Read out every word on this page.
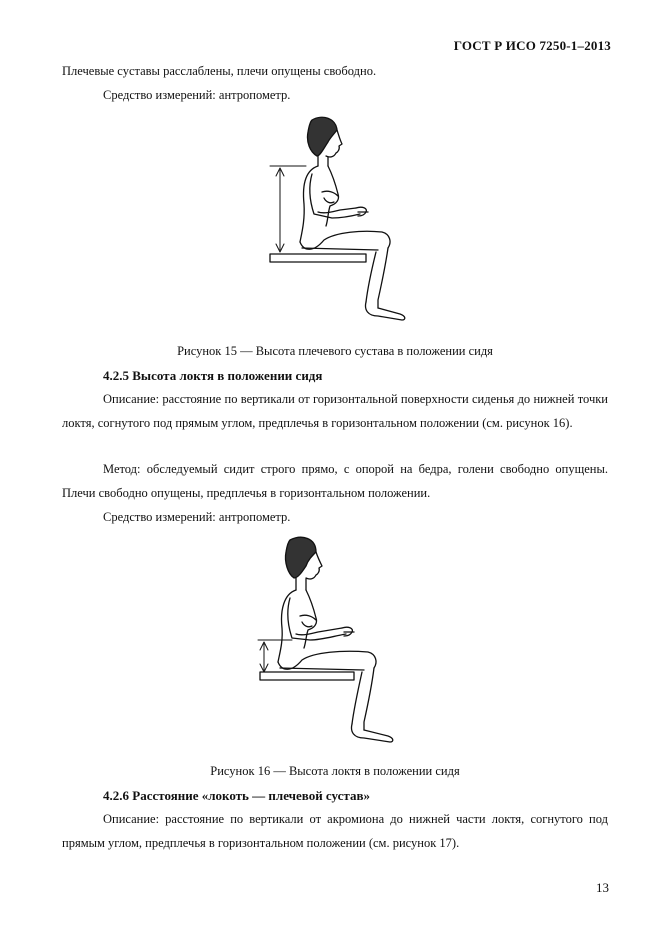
ГОСТ Р ИСО 7250-1–2013
Плечевые суставы расслаблены, плечи опущены свободно.
Средство измерений: антропометр.
Рисунок 15 — Высота плечевого сустава в положении сидя
4.2.5 Высота локтя в положении сидя
Описание: расстояние по вертикали от горизонтальной поверхности сиденья до нижней точки локтя, согнутого под прямым углом, предплечья в горизонтальном положении (см. рисунок 16).
Метод: обследуемый сидит строго прямо, с опорой на бедра, голени свободно опущены. Плечи свободно опущены, предплечья в горизонтальном положении.
Средство измерений: антропометр.
Рисунок 16 — Высота локтя в положении сидя
4.2.6 Расстояние «локоть — плечевой сустав»
Описание: расстояние по вертикали от акромиона до нижней части локтя, согнутого под прямым углом, предплечья в горизонтальном положении (см. рисунок 17).
13
